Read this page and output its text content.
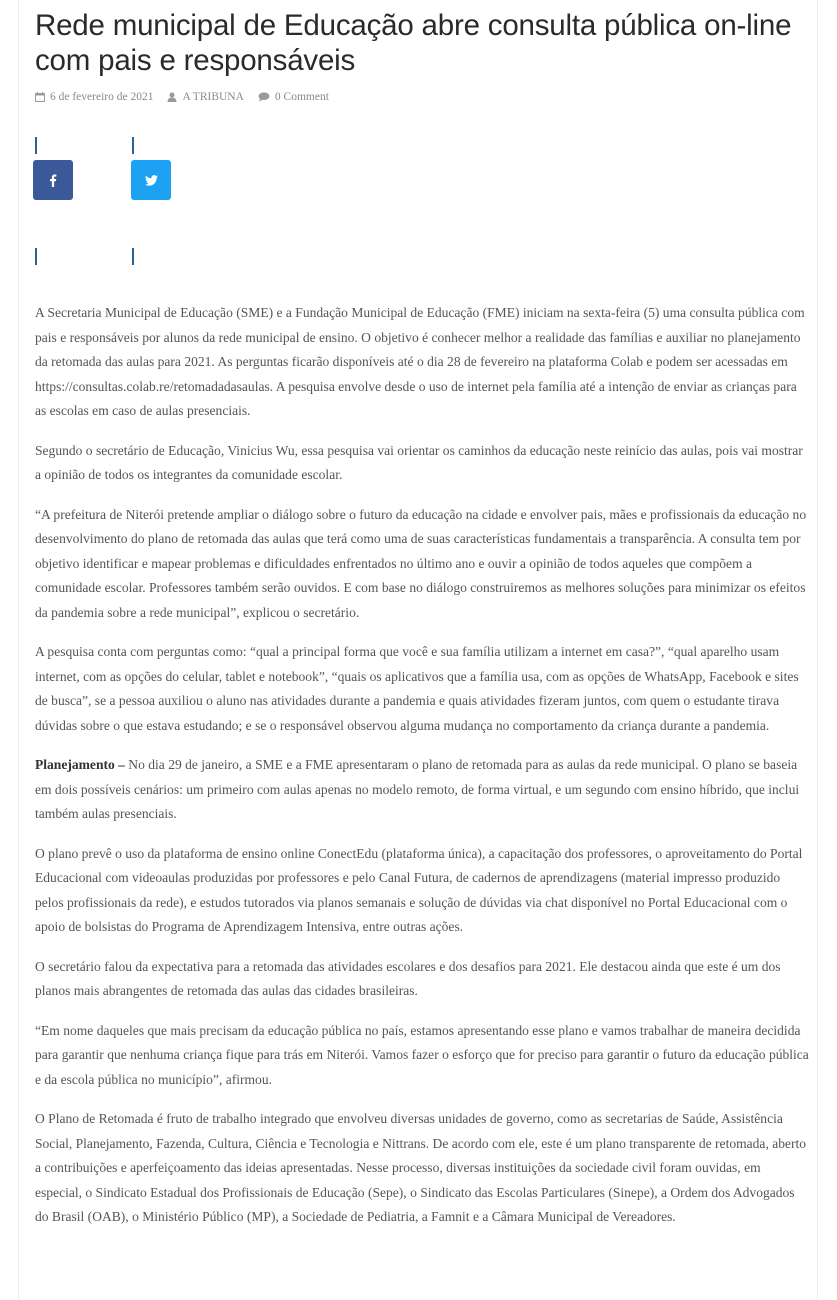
Rede municipal de Educação abre consulta pública on-line com pais e responsáveis
6 de fevereiro de 2021	A TRIBUNA	0 Comment

A Secretaria Municipal de Educação (SME) e a Fundação Municipal de Educação (FME) iniciam na sexta-feira (5) uma consulta pública com pais e responsáveis por alunos da rede municipal de ensino. O objetivo é conhecer melhor a realidade das famílias e auxiliar no planejamento da retomada das aulas para 2021. As perguntas ficarão disponíveis até o dia 28 de fevereiro na plataforma Colab e podem ser acessadas em https://consultas.colab.re/retomadadasaulas. A pesquisa envolve desde o uso de internet pela família até a intenção de enviar as crianças para as escolas em caso de aulas presenciais.

Segundo o secretário de Educação, Vinicius Wu, essa pesquisa vai orientar os caminhos da educação neste reinício das aulas, pois vai mostrar a opinião de todos os integrantes da comunidade escolar.

“A prefeitura de Niterói pretende ampliar o diálogo sobre o futuro da educação na cidade e envolver pais, mães e profissionais da educação no desenvolvimento do plano de retomada das aulas que terá como uma de suas características fundamentais a transparência. A consulta tem por objetivo identificar e mapear problemas e dificuldades enfrentados no último ano e ouvir a opinião de todos aqueles que compõem a comunidade escolar. Professores também serão ouvidos. E com base no diálogo construiremos as melhores soluções para minimizar os efeitos da pandemia sobre a rede municipal”, explicou o secretário.

A pesquisa conta com perguntas como: “qual a principal forma que você e sua família utilizam a internet em casa?”, “qual aparelho usam internet, com as opções do celular, tablet e notebook”, “quais os aplicativos que a família usa, com as opções de WhatsApp, Facebook e sites de busca”, se a pessoa auxiliou o aluno nas atividades durante a pandemia e quais atividades fizeram juntos, com quem o estudante tirava dúvidas sobre o que estava estudando; e se o responsável observou alguma mudança no comportamento da criança durante a pandemia.

Planejamento – No dia 29 de janeiro, a SME e a FME apresentaram o plano de retomada para as aulas da rede municipal. O plano se baseia em dois possíveis cenários: um primeiro com aulas apenas no modelo remoto, de forma virtual, e um segundo com ensino híbrido, que inclui também aulas presenciais.

O plano prevê o uso da plataforma de ensino online ConectEdu (plataforma única), a capacitação dos professores, o aproveitamento do Portal Educacional com videoaulas produzidas por professores e pelo Canal Futura, de cadernos de aprendizagens (material impresso produzido pelos profissionais da rede), e estudos tutorados via planos semanais e solução de dúvidas via chat disponível no Portal Educacional com o apoio de bolsistas do Programa de Aprendizagem Intensiva, entre outras ações.

O secretário falou da expectativa para a retomada das atividades escolares e dos desafios para 2021. Ele destacou ainda que este é um dos planos mais abrangentes de retomada das aulas das cidades brasileiras.

“Em nome daqueles que mais precisam da educação pública no país, estamos apresentando esse plano e vamos trabalhar de maneira decidida para garantir que nenhuma criança fique para trás em Niterói. Vamos fazer o esforço que for preciso para garantir o futuro da educação pública e da escola pública no município”, afirmou.

O Plano de Retomada é fruto de trabalho integrado que envolveu diversas unidades de governo, como as secretarias de Saúde, Assistência Social, Planejamento, Fazenda, Cultura, Ciência e Tecnologia e Nittrans. De acordo com ele, este é um plano transparente de retomada, aberto a contribuições e aperfeiçoamento das ideias apresentadas. Nesse processo, diversas instituições da sociedade civil foram ouvidas, em especial, o Sindicato Estadual dos Profissionais de Educação (Sepe), o Sindicato das Escolas Particulares (Sinepe), a Ordem dos Advogados do Brasil (OAB), o Ministério Público (MP), a Sociedade de Pediatria, a Famnit e a Câmara Municipal de Vereadores.
